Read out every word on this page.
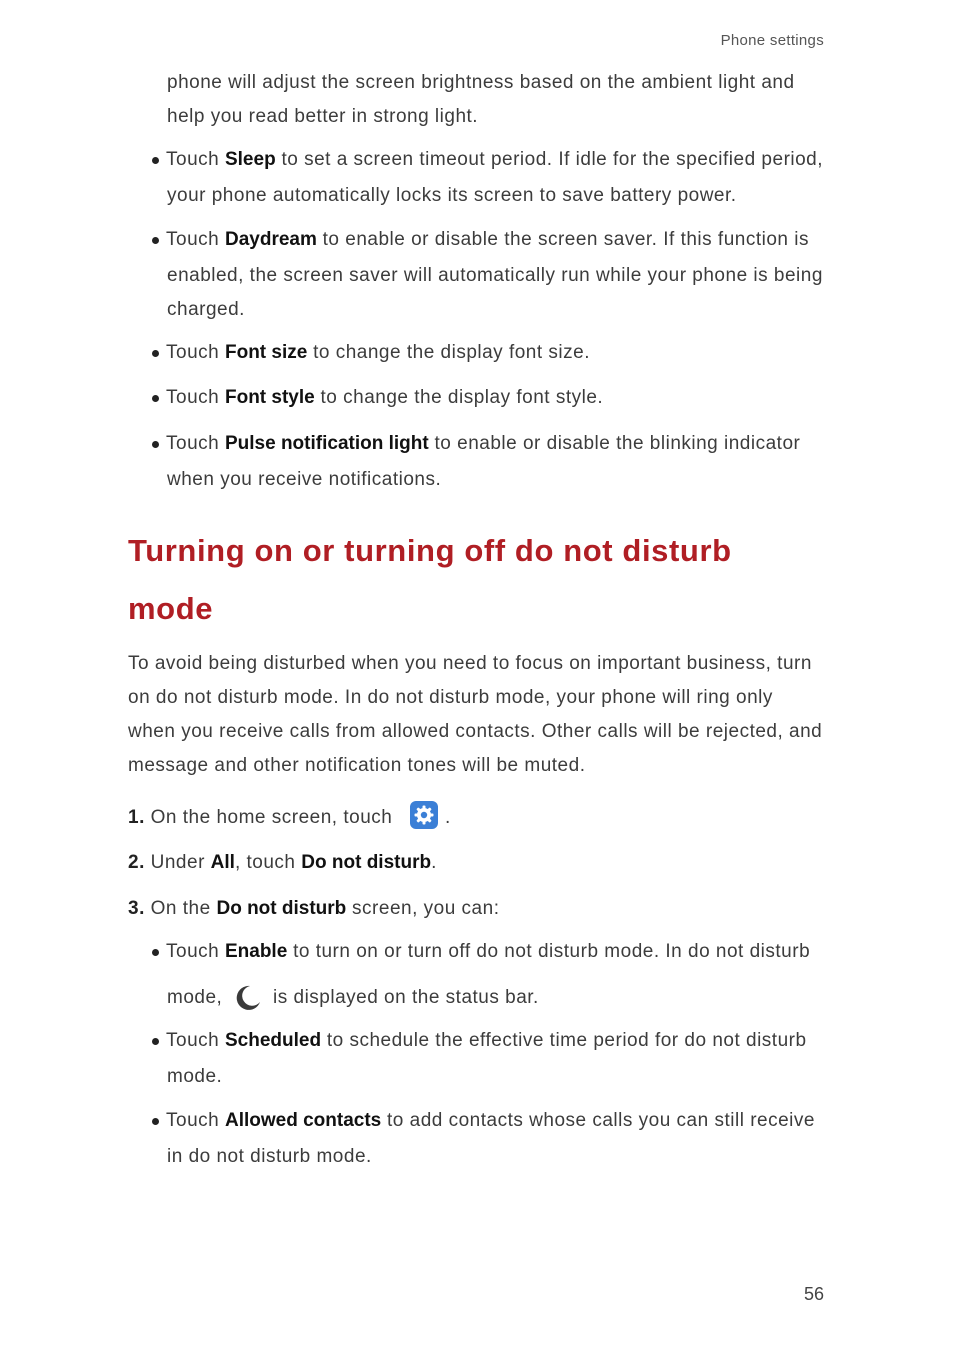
Phone settings
phone will adjust the screen brightness based on the ambient light and
help you read better in strong light.
Touch Sleep to set a screen timeout period. If idle for the specified period,
your phone automatically locks its screen to save battery power.
Touch Daydream to enable or disable the screen saver. If this function is
enabled, the screen saver will automatically run while your phone is being
charged.
Touch Font size to change the display font size.
Touch Font style to change the display font style.
Touch Pulse notification light to enable or disable the blinking indicator
when you receive notifications.
Turning on or turning off do not disturb
mode
To avoid being disturbed when you need to focus on important business, turn
on do not disturb mode. In do not disturb mode, your phone will ring only
when you receive calls from allowed contacts. Other calls will be rejected, and
message and other notification tones will be muted.
1. On the home screen, touch	.
2. Under All, touch Do not disturb.
3. On the Do not disturb screen, you can:
Touch Enable to turn on or turn off do not disturb mode. In do not disturb
mode,	is displayed on the status bar.
Touch Scheduled to schedule the effective time period for do not disturb
mode.
Touch Allowed contacts to add contacts whose calls you can still receive
in do not disturb mode.
56
